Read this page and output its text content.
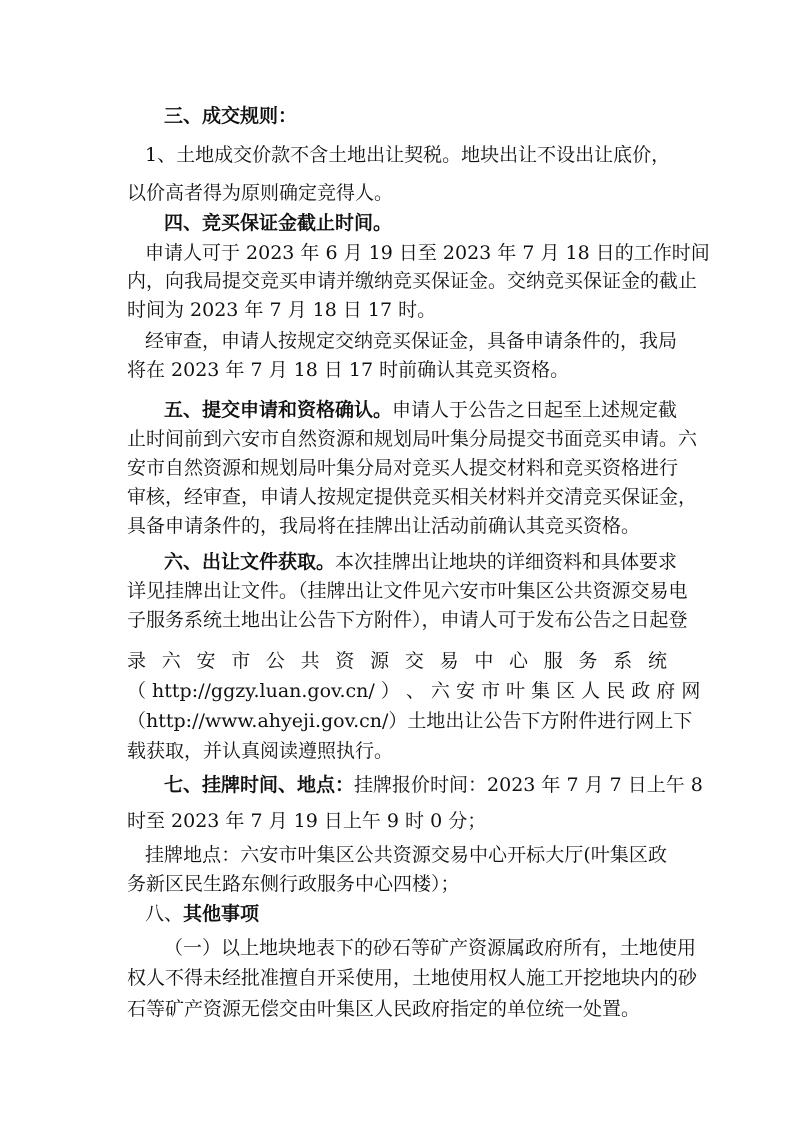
三、成交规则：
1、土地成交价款不含土地出让契税。地块出让不设出让底价，
以价高者得为原则确定竞得人。
四、竞买保证金截止时间。
申请人可于 2023 年 6 月 19 日至 2023 年 7 月 18 日的工作时间
内，向我局提交竞买申请并缴纳竞买保证金。交纳竞买保证金的截止
时间为 2023 年 7 月 18 日 17 时。
经审查，申请人按规定交纳竞买保证金，具备申请条件的，我局
将在 2023 年 7 月 18 日 17 时前确认其竞买资格。
五、提交申请和资格确认。申请人于公告之日起至上述规定截
止时间前到六安市自然资源和规划局叶集分局提交书面竞买申请。六
安市自然资源和规划局叶集分局对竞买人提交材料和竞买资格进行
审核，经审查，申请人按规定提供竞买相关材料并交清竞买保证金，
具备申请条件的，我局将在挂牌出让活动前确认其竞买资格。
六、出让文件获取。本次挂牌出让地块的详细资料和具体要求
详见挂牌出让文件。（挂牌出让文件见六安市叶集区公共资源交易电
子服务系统土地出让公告下方附件），申请人可于发布公告之日起登
录 六 安 市 公 共 资 源 交 易 中 心 服 务 系 统
（ http://ggzy.luan.gov.cn/ ） 、 六 安 市 叶 集 区 人 民 政 府 网
（http://www.ahyeji.gov.cn/）土地出让公告下方附件进行网上下
载获取，并认真阅读遵照执行。
七、挂牌时间、地点：挂牌报价时间：2023 年 7 月 7 日上午 8
时至 2023 年 7 月 19 日上午 9 时 0 分；
挂牌地点：六安市叶集区公共资源交易中心开标大厅(叶集区政
务新区民生路东侧行政服务中心四楼）；
八、其他事项
（一）以上地块地表下的砂石等矿产资源属政府所有，土地使用
权人不得未经批准擅自开采使用，土地使用权人施工开挖地块内的砂
石等矿产资源无偿交由叶集区人民政府指定的单位统一处置。
